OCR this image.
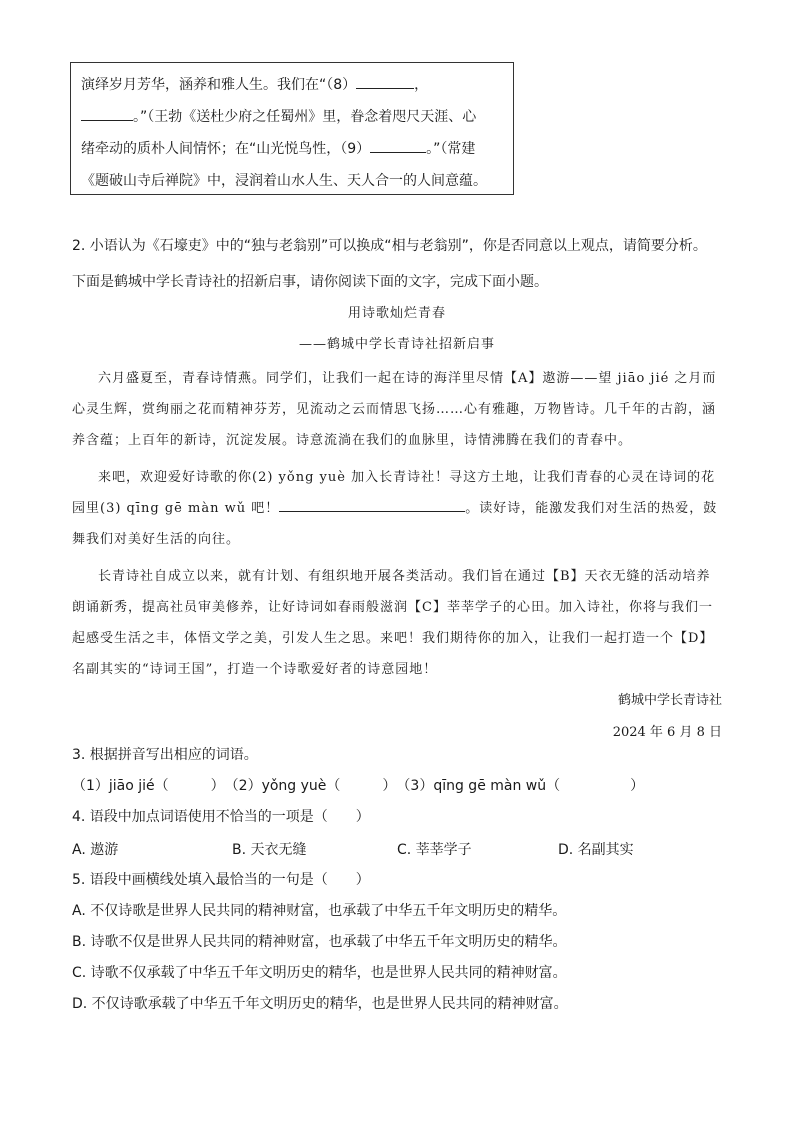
演绎岁月芳华，涵养和雅人生。我们在“（8）	，

。”（王勃《送杜少府之任蜀州》里，眷念着咫尺天涯、心

绪牵动的质朴人间情怀；在“山光悦鸟性，（9）	。”（常建

《题破山寺后禅院》中，浸润着山水人生、天人合一的人间意蕴。

2. 小语认为《石壕吏》中的“独与老翁别”可以换成“相与老翁别”，你是否同意以上观点，请简要分析。
下面是鹤城中学长青诗社的招新启事，请你阅读下面的文字，完成下面小题。
用诗歌灿烂青春
——鹤城中学长青诗社招新启事
六月盛夏至，青春诗情燕。同学们，让我们一起在诗的海洋里尽情【A】遨游——望 jiāo jié 之月而心灵生辉，赏绚丽之花而精神芬芳，见流动之云而情思飞扬……心有雅趣，万物皆诗。几千年的古韵，涵养含蕴；上百年的新诗，沉淀发展。诗意流淌在我们的血脉里，诗情沸腾在我们的青春中。
来吧，欢迎爱好诗歌的你(2) yǒng yuè 加入长青诗社！寻这方土地，让我们青春的心灵在诗词的花园里(3) qīng gē màn wǔ 吧！	。读好诗，能激发我们对生活的热爱，鼓舞我们对美好生活的向往。
长青诗社自成立以来，就有计划、有组织地开展各类活动。我们旨在通过【B】天衣无缝的活动培养朗诵新秀，提高社员审美修养，让好诗词如春雨般滋润【C】莘莘学子的心田。加入诗社，你将与我们一起感受生活之丰，体悟文学之美，引发人生之思。来吧！我们期待你的加入，让我们一起打造一个【D】名副其实的“诗词王国”，打造一个诗歌爱好者的诗意园地！
鹤城中学长青诗社
2024 年 6 月 8 日
3. 根据拼音写出相应的词语。
（1）jiāo jié（　　　）　（2）yǒng yuè（　　　）　（3）qīng gē màn wǔ（　　　　　）
4. 语段中加点词语使用不恰当的一项是（　　）
A. 遨游	B. 天衣无缝	C. 莘莘学子	D. 名副其实
5. 语段中画横线处填入最恰当的一句是（　　）
A. 不仅诗歌是世界人民共同的精神财富，也承载了中华五千年文明历史的精华。
B. 诗歌不仅是世界人民共同的精神财富，也承载了中华五千年文明历史的精华。
C. 诗歌不仅承载了中华五千年文明历史的精华，也是世界人民共同的精神财富。
D. 不仅诗歌承载了中华五千年文明历史的精华，也是世界人民共同的精神财富。
